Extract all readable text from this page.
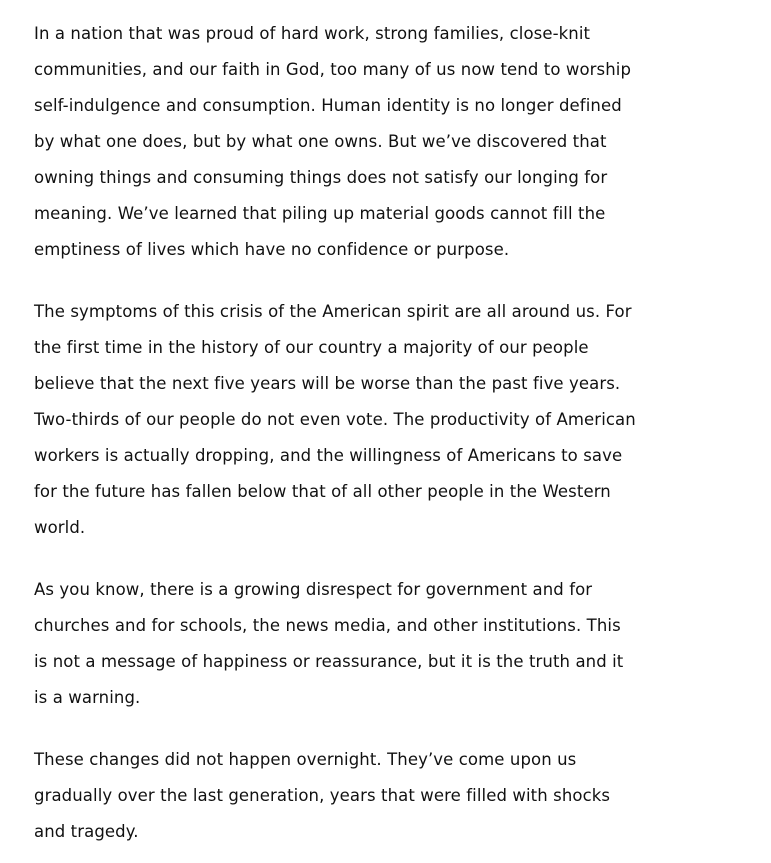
In a nation that was proud of hard work, strong families, close-knit
communities, and our faith in God, too many of us now tend to worship
self-indulgence and consumption. Human identity is no longer defined
by what one does, but by what one owns. But we’ve discovered that
owning things and consuming things does not satisfy our longing for
meaning. We’ve learned that piling up material goods cannot fill the
emptiness of lives which have no confidence or purpose.

The symptoms of this crisis of the American spirit are all around us. For
the first time in the history of our country a majority of our people
believe that the next five years will be worse than the past five years.
Two-thirds of our people do not even vote. The productivity of American
workers is actually dropping, and the willingness of Americans to save
for the future has fallen below that of all other people in the Western
world.

As you know, there is a growing disrespect for government and for
churches and for schools, the news media, and other institutions. This
is not a message of happiness or reassurance, but it is the truth and it
is a warning.

These changes did not happen overnight. They’ve come upon us
gradually over the last generation, years that were filled with shocks
and tragedy.
